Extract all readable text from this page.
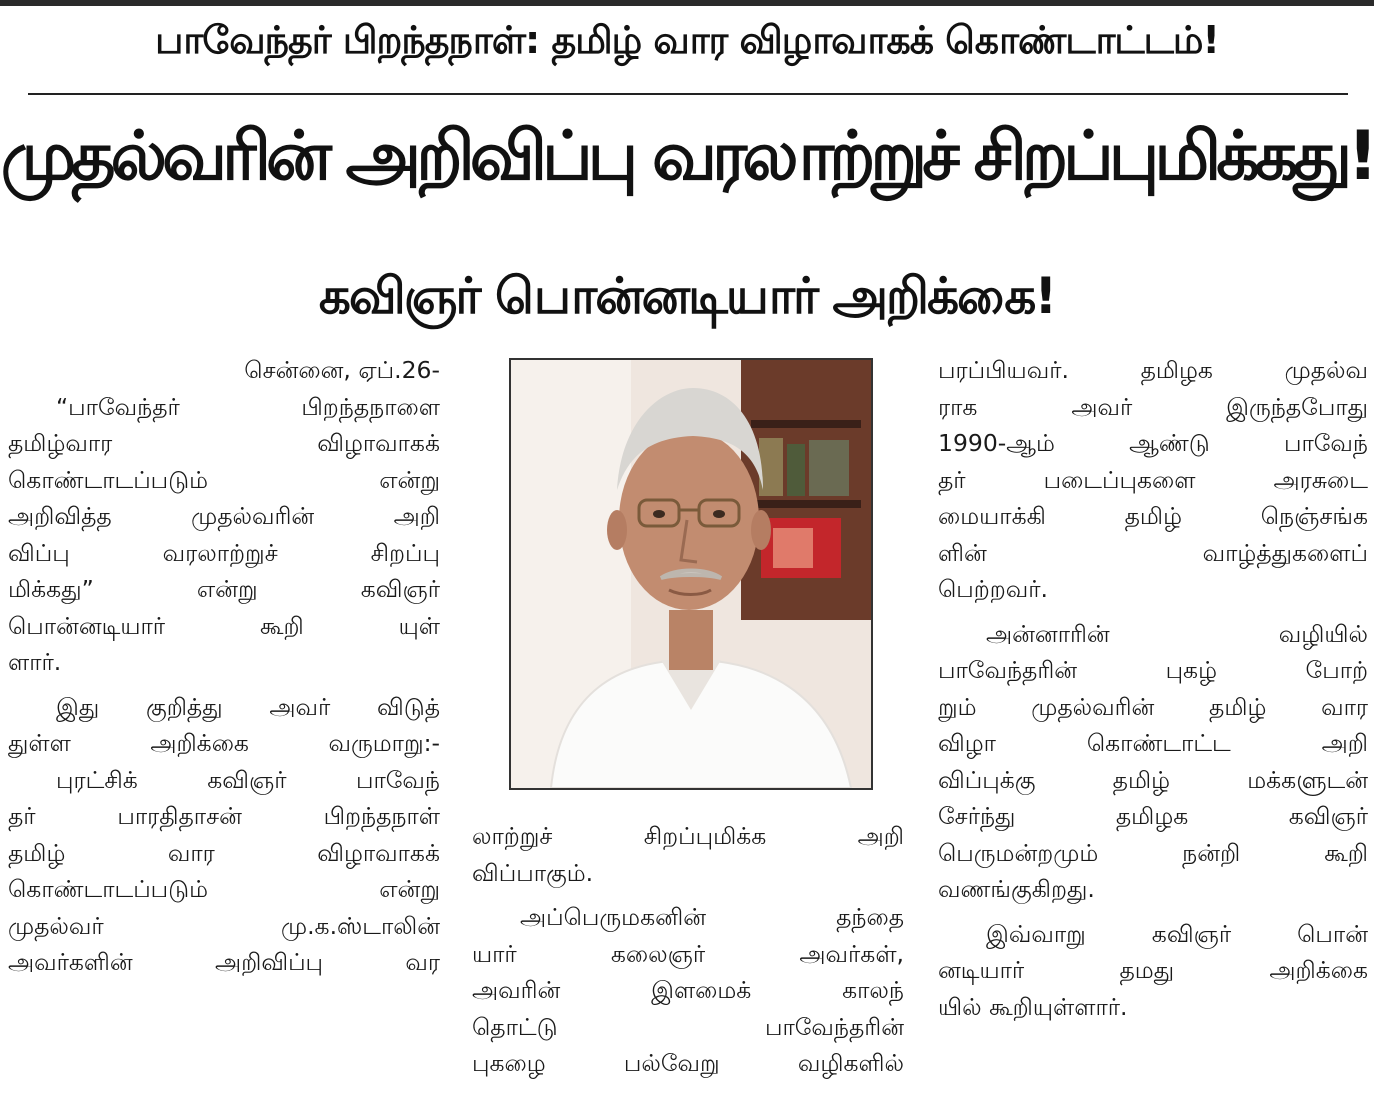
பாவேந்தர் பிறந்தநாள்: தமிழ் வார விழாவாகக் கொண்டாட்டம்!
முதல்வரின் அறிவிப்பு வரலாற்றுச் சிறப்புமிக்கது!
கவிஞர் பொன்னடியார் அறிக்கை!
சென்னை, ஏப்.26-
“பாவேந்தர் பிறந்தநாளை
தமிழ்வார விழாவாகக்
கொண்டாடப்படும் என்று
அறிவித்த முதல்வரின் அறி
விப்பு வரலாற்றுச் சிறப்பு
மிக்கது” என்று கவிஞர்
பொன்னடியார் கூறி யுள்
ளார்.
இது குறித்து அவர் விடுத்
துள்ள அறிக்கை வருமாறு:-
புரட்சிக் கவிஞர் பாவேந்
தர் பாரதிதாசன் பிறந்தநாள்
தமிழ் வார விழாவாகக்
கொண்டாடப்படும் என்று
முதல்வர் மு.க.ஸ்டாலின்
அவர்களின் அறிவிப்பு வர
லாற்றுச் சிறப்புமிக்க அறி
விப்பாகும்.
அப்பெருமகனின் தந்தை
யார் கலைஞர் அவர்கள்,
அவரின் இளமைக் காலந்
தொட்டு பாவேந்தரின்
புகழை பல்வேறு வழிகளில்
பரப்பியவர். தமிழக முதல்வ
ராக அவர் இருந்தபோது
1990-ஆம் ஆண்டு பாவேந்
தர் படைப்புகளை அரசுடை
மையாக்கி தமிழ் நெஞ்சங்க
ளின் வாழ்த்துகளைப்
பெற்றவர்.
அன்னாரின் வழியில்
பாவேந்தரின் புகழ் போற்
றும் முதல்வரின் தமிழ் வார
விழா கொண்டாட்ட அறி
விப்புக்கு தமிழ் மக்களுடன்
சேர்ந்து தமிழக கவிஞர்
பெருமன்றமும் நன்றி கூறி
வணங்குகிறது.
இவ்வாறு கவிஞர் பொன்
னடியார் தமது அறிக்கை
யில் கூறியுள்ளார்.
